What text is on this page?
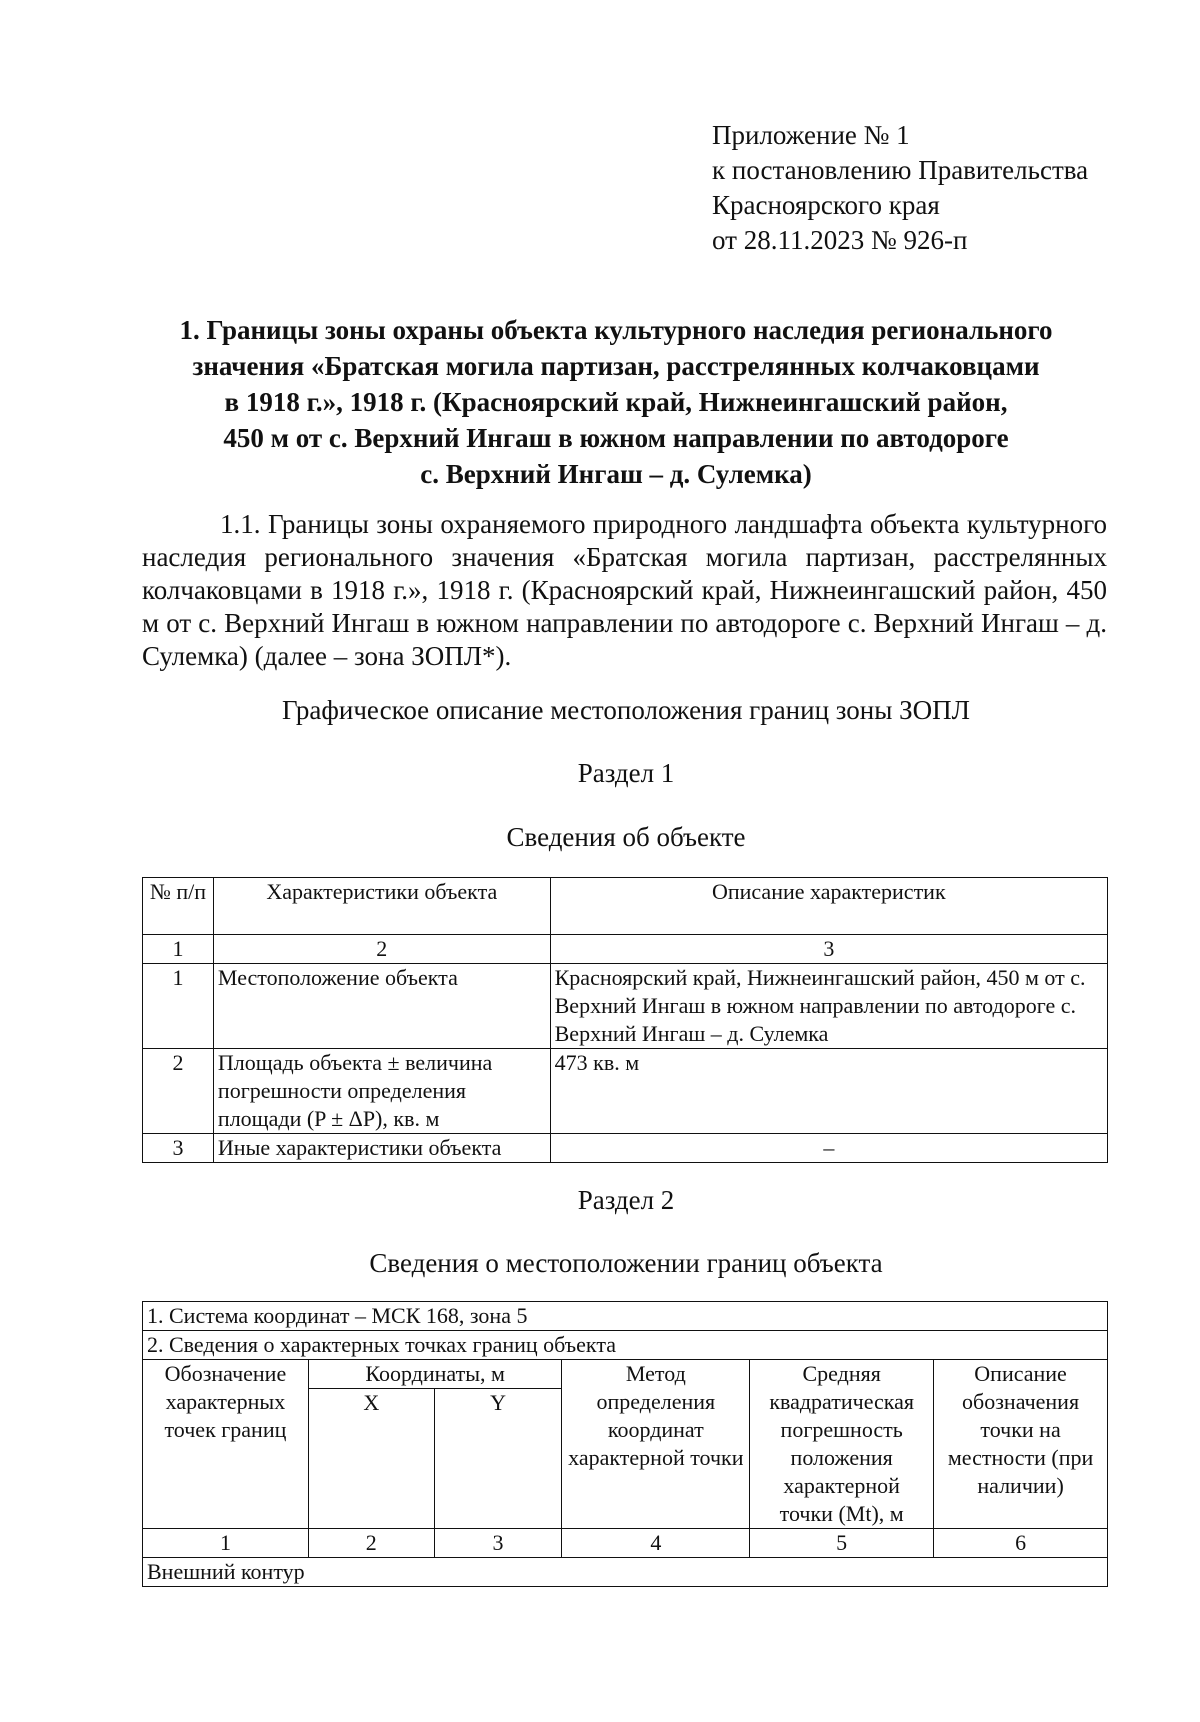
Приложение № 1
к постановлению Правительства
Красноярского края
от 28.11.2023 № 926-п
1. Границы зоны охраны объекта культурного наследия регионального
значения «Братская могила партизан, расстрелянных колчаковцами
в 1918 г.», 1918 г. (Красноярский край, Нижнеингашский район,
450 м от с. Верхний Ингаш в южном направлении по автодороге
с. Верхний Ингаш – д. Сулемка)
1.1. Границы зоны охраняемого природного ландшафта объекта культурного наследия регионального значения «Братская могила партизан, расстрелянных колчаковцами в 1918 г.», 1918 г. (Красноярский край, Нижнеингашский район, 450 м от с. Верхний Ингаш в южном направлении по автодороге с. Верхний Ингаш – д. Сулемка) (далее – зона ЗОПЛ*).
Графическое описание местоположения границ зоны ЗОПЛ
Раздел 1
Сведения об объекте
№ п/п	Характеристики объекта	Описание характеристик
1	2	3
1	Местоположение объекта	Красноярский край, Нижнеингашский район, 450 м от с. Верхний Ингаш в южном направлении по автодороге с. Верхний Ингаш – д. Сулемка
2	Площадь объекта ± величина погрешности определения площади (P ± ΔP), кв. м	473 кв. м
3	Иные характеристики объекта	–
Раздел 2
Сведения о местоположении границ объекта
1. Система координат – МСК 168, зона 5					
2. Сведения о характерных точках границ объекта					
Обозначение характерных точек границ	Координаты, м		Метод определения координат характерной точки	Средняя квадратическая погрешность положения характерной точки (Mt), м	Описание обозначения точки на местности (при наличии)
	X	Y			
1	2	3	4	5	6
Внешний контур					
